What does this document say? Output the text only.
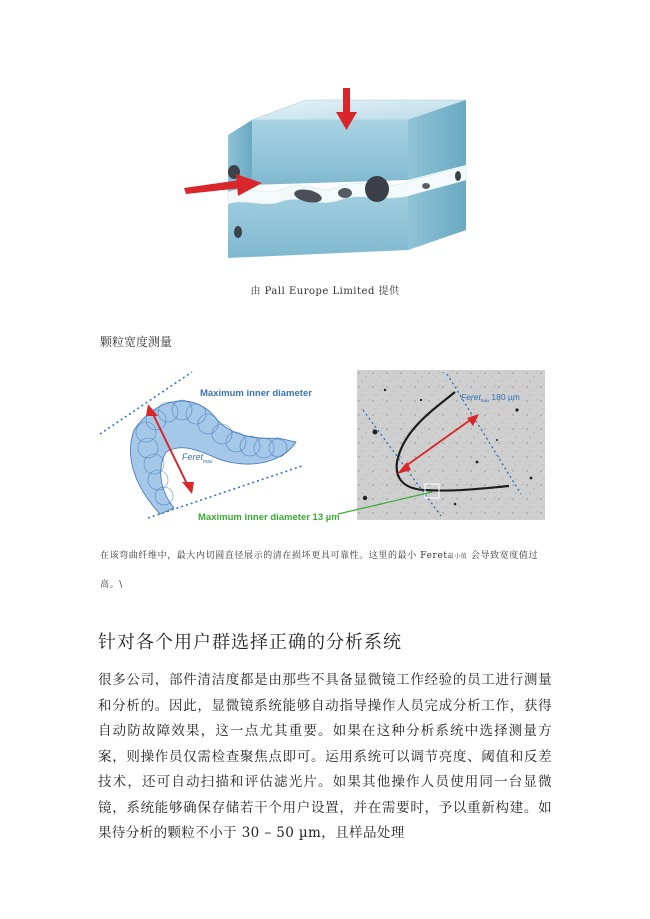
由 Pall Europe Limited 提供
颗粒宽度测量
Maximum inner diameter
Feret$_{max}$
Feret$_{max}$ 180 µm
Maximum inner diameter 13 µm
在该弯曲纤维中，最大内切圆直径展示的清在损坏更具可靠性。这里的最小 Feret最小值 会导致宽度值过高。\
针对各个用户群选择正确的分析系统

很多公司，部件清洁度都是由那些不具备显微镜工作经验的员工进行测量和分析的。因此，显微镜系统能够自动指导操作人员完成分析工作，获得自动防故障效果，这一点尤其重要。如果在这种分析系统中选择测量方案，则操作员仅需检查聚焦点即可。运用系统可以调节亮度、阈值和反差技术，还可自动扫描和评估滤光片。如果其他操作人员使用同一台显微镜，系统能够确保存储若干个用户设置，并在需要时，予以重新构建。如果待分析的颗粒不小于 30 – 50 µm，且样品处理
